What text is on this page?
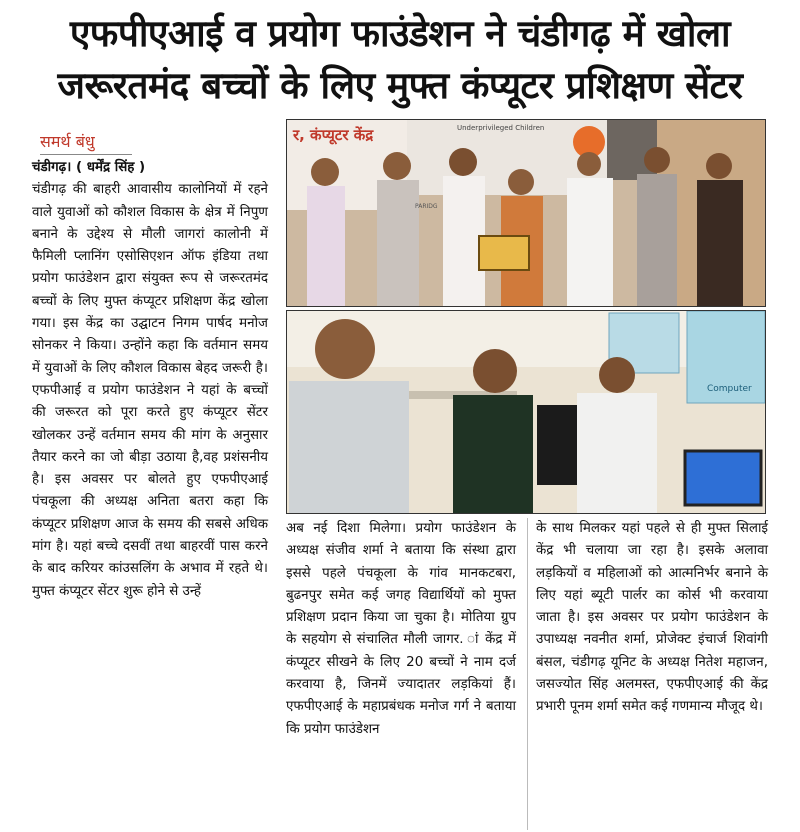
एफपीएआई व प्रयोग फाउंडेशन ने चंडीगढ़ में खोला
जरूरतमंद बच्चों के लिए मुफ्त कंप्यूटर प्रशिक्षण सेंटर
समर्थ बंधु

चंडीगढ़। ( धर्मेंद्र सिंह )

चंडीगढ़ की बाहरी आवासीय कालोनियों में रहने वाले युवाओं को कौशल विकास के क्षेत्र में निपुण बनाने के उद्देश्य से मौली जागरां कालोनी में फैमिली प्लानिंग एसोसिएशन ऑफ इंडिया तथा प्रयोग फाउंडेशन द्वारा संयुक्त रूप से जरूरतमंद बच्चों के लिए मुफ्त कंप्यूटर प्रशिक्षण केंद्र खोला गया। इस केंद्र का उद्घाटन निगम पार्षद मनोज सोनकर ने किया। उन्होंने कहा कि वर्तमान समय में युवाओं के लिए कौशल विकास बेहद जरूरी है। एफपीआई व प्रयोग फाउंडेशन ने यहां के बच्चों की जरूरत को पूरा करते हुए कंप्यूटर सेंटर खोलकर उन्हें वर्तमान समय की मांग के अनुसार तैयार करने का जो बीड़ा उठाया है,वह प्रशंसनीय है। इस अवसर पर बोलते हुए एफपीएआई पंचकूला की अध्यक्ष अनिता बतरा कहा कि कंप्यूटर प्रशिक्षण आज के समय की सबसे अधिक मांग है। यहां बच्चे दसवीं तथा बाहरवीं पास करने के बाद करियर कांउसलिंग के अभाव में रहते थे। मुफ्त कंप्यूटर सेंटर शुरू होने से उन्हें

र, कंप्यूटर केंद्र	Underprivileged Children
PARIDG
Computer

अब नई दिशा मिलेगा। प्रयोग फाउंडेशन के अध्यक्ष संजीव शर्मा ने बताया कि संस्था द्वारा इससे पहले पंचकूला के गांव मानकटबरा, बुढनपुर समेत कई जगह विद्यार्थियों को मुफ्त प्रशिक्षण प्रदान किया जा चुका है। मोतिया ग्रुप के सहयोग से संचालित मौली जागर. ां केंद्र में कंप्यूटर सीखने के लिए 20 बच्चों ने नाम दर्ज करवाया है, जिनमें ज्यादातर लड़कियां हैं। एफपीएआई के महाप्रबंधक मनोज गर्ग ने बताया कि प्रयोग फाउंडेशन

के साथ मिलकर यहां पहले से ही मुफ्त सिलाई केंद्र भी चलाया जा रहा है। इसके अलावा लड़कियों व महिलाओं को आत्मनिर्भर बनाने के लिए यहां ब्यूटी पार्लर का कोर्स भी करवाया जाता है। इस अवसर पर प्रयोग फाउंडेशन के उपाध्यक्ष नवनीत शर्मा, प्रोजेक्ट इंचार्ज शिवांगी बंसल, चंडीगढ़ यूनिट के अध्यक्ष नितेश महाजन, जसज्योत सिंह अलमस्त, एफपीएआई की केंद्र प्रभारी पूनम शर्मा समेत कई गणमान्य मौजूद थे।
